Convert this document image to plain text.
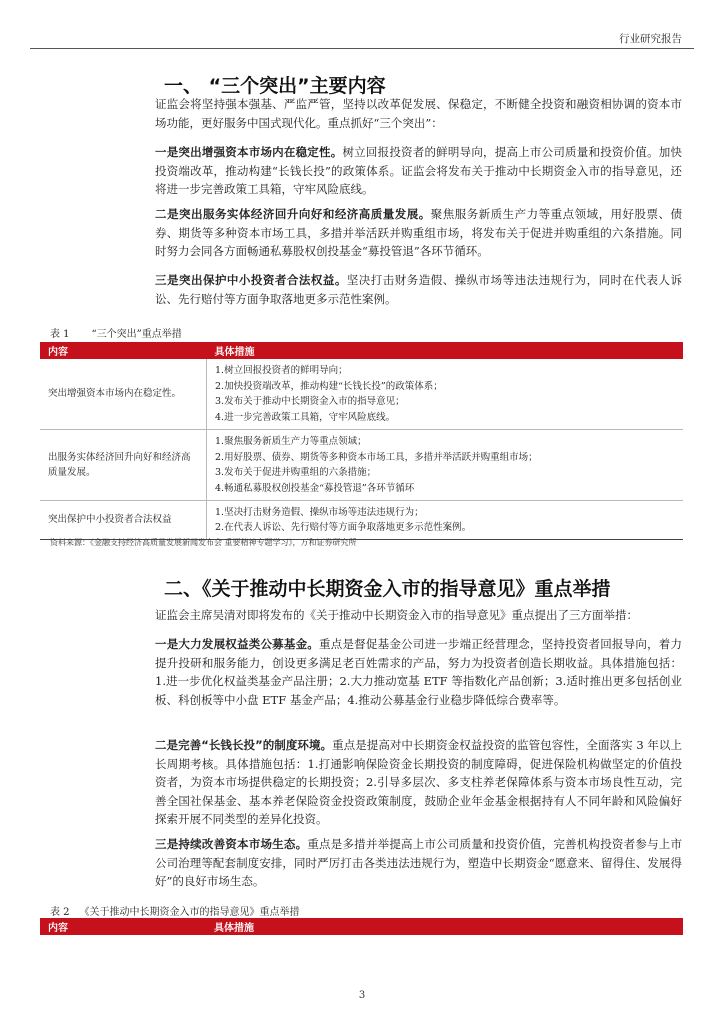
行业研究报告
一、 “三个突出”主要内容

证监会将坚持强本强基、严监严管，坚持以改革促发展、保稳定，不断健全投资和融资相协调的资本市场功能，更好服务中国式现代化。重点抓好“三个突出”：

一是突出增强资本市场内在稳定性。树立回报投资者的鲜明导向，提高上市公司质量和投资价值。加快投资端改革，推动构建“长钱长投”的政策体系。证监会将发布关于推动中长期资金入市的指导意见，还将进一步完善政策工具箱，守牢风险底线。

二是突出服务实体经济回升向好和经济高质量发展。聚焦服务新质生产力等重点领域，用好股票、债券、期货等多种资本市场工具，多措并举活跃并购重组市场，将发布关于促进并购重组的六条措施。同时努力会同各方面畅通私募股权创投基金“募投管退”各环节循环。

三是突出保护中小投资者合法权益。坚决打击财务造假、操纵市场等违法违规行为，同时在代表人诉讼、先行赔付等方面争取落地更多示范性案例。

表 1 “三个突出”重点举措
内容	具体措施
突出增强资本市场内在稳定性。	1.树立回报投资者的鲜明导向；
2.加快投资端改革，推动构建“长钱长投”的政策体系；
3.发布关于推动中长期资金入市的指导意见；
4.进一步完善政策工具箱，守牢风险底线。

出服务实体经济回升向好和经济高质量发展。	1.聚焦服务新质生产力等重点领域；
2.用好股票、债券、期货等多种资本市场工具，多措并举活跃并购重组市场；
3.发布关于促进并购重组的六条措施；
4.畅通私募股权创投基金“募投管退”各环节循环

突出保护中小投资者合法权益	1.坚决打击财务造假、操纵市场等违法违规行为；
2.在代表人诉讼、先行赔付等方面争取落地更多示范性案例。
资料来源：《金融支持经济高质量发展新闻发布会 重要精神专题学习》，万和证券研究所
二、《关于推动中长期资金入市的指导意见》重点举措

证监会主席吴清对即将发布的《关于推动中长期资金入市的指导意见》重点提出了三方面举措：

一是大力发展权益类公募基金。重点是督促基金公司进一步端正经营理念，坚持投资者回报导向，着力提升投研和服务能力，创设更多满足老百姓需求的产品，努力为投资者创造长期收益。具体措施包括：1.进一步优化权益类基金产品注册；2.大力推动宽基 ETF 等指数化产品创新；3.适时推出更多包括创业板、科创板等中小盘 ETF 基金产品；4.推动公募基金行业稳步降低综合费率等。

二是完善“长钱长投”的制度环境。重点是提高对中长期资金权益投资的监管包容性，全面落实 3 年以上长周期考核。具体措施包括：1.打通影响保险资金长期投资的制度障碍，促进保险机构做坚定的价值投资者，为资本市场提供稳定的长期投资；2.引导多层次、多支柱养老保障体系与资本市场良性互动，完善全国社保基金、基本养老保险资金投资政策制度，鼓励企业年金基金根据持有人不同年龄和风险偏好探索开展不同类型的差异化投资。

三是持续改善资本市场生态。重点是多措并举提高上市公司质量和投资价值，完善机构投资者参与上市公司治理等配套制度安排，同时严厉打击各类违法违规行为，塑造中长期资金“愿意来、留得住、发展得好”的良好市场生态。

表 2 《关于推动中长期资金入市的指导意见》重点举措
内容	具体措施
3
